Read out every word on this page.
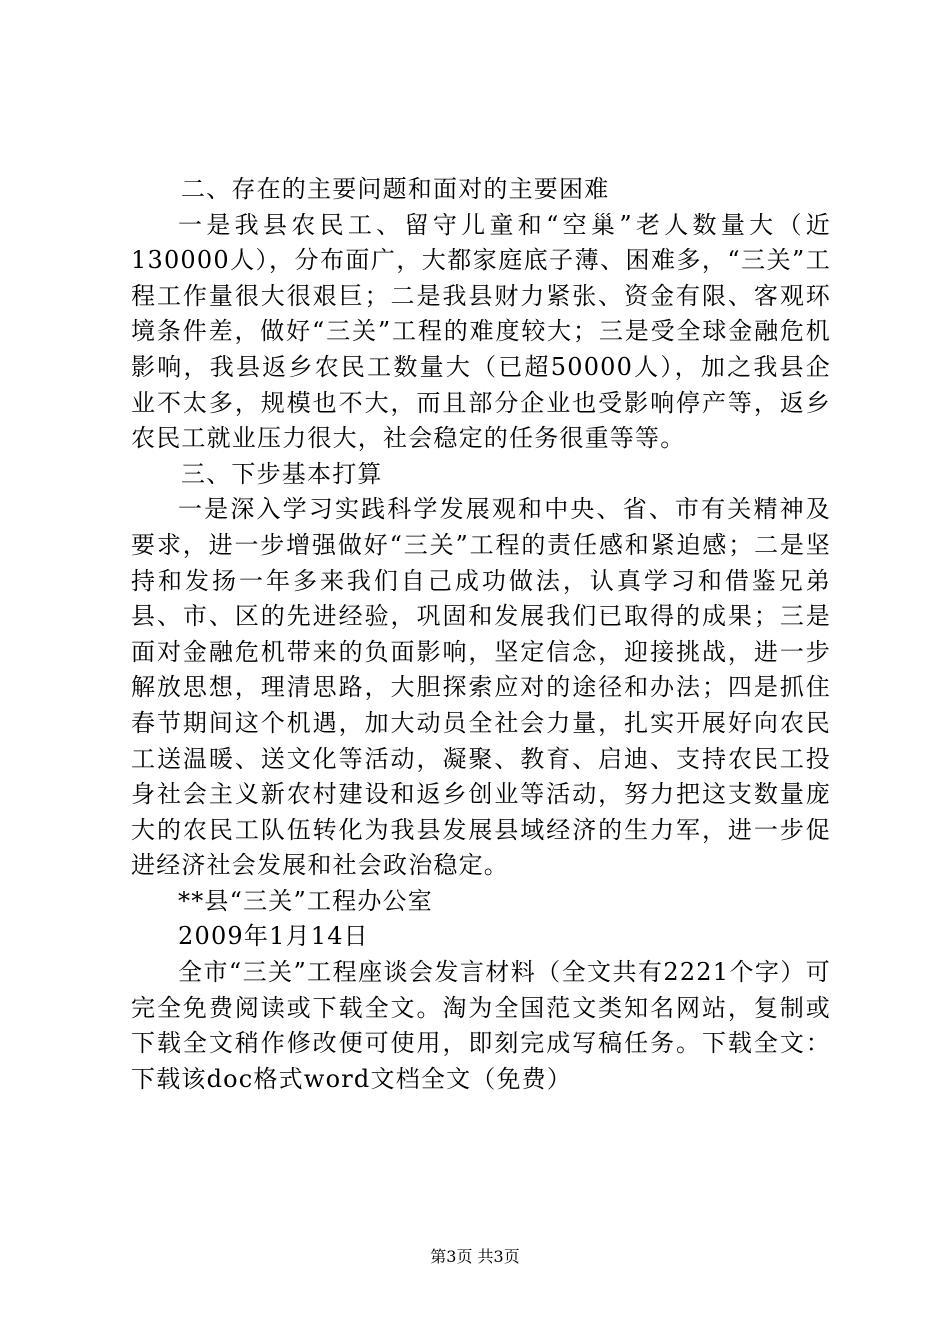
二、存在的主要问题和面对的主要困难

一是我县农民工、留守儿童和“空巢”老人数量大（近130000人），分布面广，大都家庭底子薄、困难多，“三关”工程工作量很大很艰巨；二是我县财力紧张、资金有限、客观环境条件差，做好“三关”工程的难度较大；三是受全球金融危机影响，我县返乡农民工数量大（已超50000人），加之我县企业不太多，规模也不大，而且部分企业也受影响停产等，返乡农民工就业压力很大，社会稳定的任务很重等等。

三、下步基本打算

一是深入学习实践科学发展观和中央、省、市有关精神及要求，进一步增强做好“三关”工程的责任感和紧迫感；二是坚持和发扬一年多来我们自己成功做法，认真学习和借鉴兄弟县、市、区的先进经验，巩固和发展我们已取得的成果；三是面对金融危机带来的负面影响，坚定信念，迎接挑战，进一步解放思想，理清思路，大胆探索应对的途径和办法；四是抓住春节期间这个机遇，加大动员全社会力量，扎实开展好向农民工送温暖、送文化等活动，凝聚、教育、启迪、支持农民工投身社会主义新农村建设和返乡创业等活动，努力把这支数量庞大的农民工队伍转化为我县发展县域经济的生力军，进一步促进经济社会发展和社会政治稳定。

**县“三关”工程办公室

2009年1月14日

全市“三关”工程座谈会发言材料（全文共有2221个字）可完全免费阅读或下载全文。淘为全国范文类知名网站，复制或下载全文稍作修改便可使用，即刻完成写稿任务。下载全文：下载该doc格式word文档全文（免费）

第3页 共3页
